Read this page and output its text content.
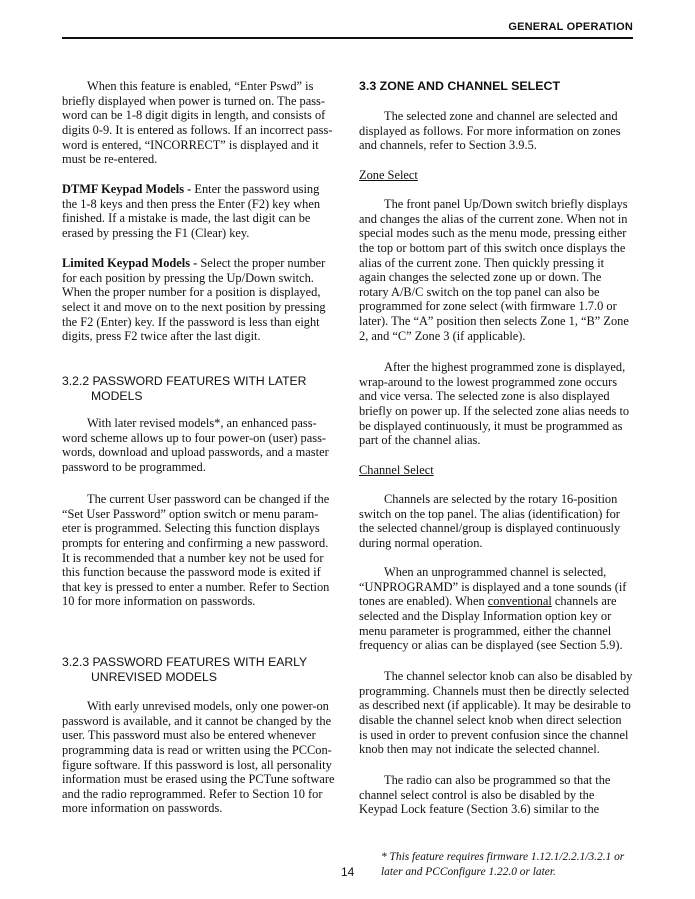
GENERAL OPERATION
When this feature is enabled, “Enter Pswd” is
briefly displayed when power is turned on. The pass-
word can be 1-8 digit digits in length, and consists of
digits 0-9. It is entered as follows. If an incorrect pass-
word is entered, “INCORRECT” is displayed and it
must be re-entered.
DTMF Keypad Models - Enter the password using
the 1-8 keys and then press the Enter (F2) key when
finished. If a mistake is made, the last digit can be
erased by pressing the F1 (Clear) key.
Limited Keypad Models - Select the proper number
for each position by pressing the Up/Down switch.
When the proper number for a position is displayed,
select it and move on to the next position by pressing
the F2 (Enter) key. If the password is less than eight
digits, press F2 twice after the last digit.
3.2.2 PASSWORD FEATURES WITH LATER
MODELS
With later revised models*, an enhanced pass-
word scheme allows up to four power-on (user) pass-
words, download and upload passwords, and a master
password to be programmed.
The current User password can be changed if the
“Set User Password” option switch or menu param-
eter is programmed. Selecting this function displays
prompts for entering and confirming a new password.
It is recommended that a number key not be used for
this function because the password mode is exited if
that key is pressed to enter a number. Refer to Section
10 for more information on passwords.
3.2.3 PASSWORD FEATURES WITH EARLY
UNREVISED MODELS
With early unrevised models, only one power-on
password is available, and it cannot be changed by the
user. This password must also be entered whenever
programming data is read or written using the PCCon-
figure software. If this password is lost, all personality
information must be erased using the PCTune software
and the radio reprogrammed. Refer to Section 10 for
more information on passwords.
3.3 ZONE AND CHANNEL SELECT
The selected zone and channel are selected and
displayed as follows. For more information on zones
and channels, refer to Section 3.9.5.
Zone Select
The front panel Up/Down switch briefly displays
and changes the alias of the current zone. When not in
special modes such as the menu mode, pressing either
the top or bottom part of this switch once displays the
alias of the current zone. Then quickly pressing it
again changes the selected zone up or down. The
rotary A/B/C switch on the top panel can also be
programmed for zone select (with firmware 1.7.0 or
later). The “A” position then selects Zone 1, “B” Zone
2, and “C” Zone 3 (if applicable).
After the highest programmed zone is displayed,
wrap-around to the lowest programmed zone occurs
and vice versa. The selected zone is also displayed
briefly on power up. If the selected zone alias needs to
be displayed continuously, it must be programmed as
part of the channel alias.
Channel Select
Channels are selected by the rotary 16-position
switch on the top panel. The alias (identification) for
the selected channel/group is displayed continuously
during normal operation.
When an unprogrammed channel is selected,
“UNPROGRAMD” is displayed and a tone sounds (if
tones are enabled). When conventional channels are
selected and the Display Information option key or
menu parameter is programmed, either the channel
frequency or alias can be displayed (see Section 5.9).
The channel selector knob can also be disabled by
programming. Channels must then be directly selected
as described next (if applicable). It may be desirable to
disable the channel select knob when direct selection
is used in order to prevent confusion since the channel
knob then may not indicate the selected channel.
The radio can also be programmed so that the
channel select control is also be disabled by the
Keypad Lock feature (Section 3.6) similar to the
14
* This feature requires firmware 1.12.1/2.2.1/3.2.1 or
later and PCConfigure 1.22.0 or later.
